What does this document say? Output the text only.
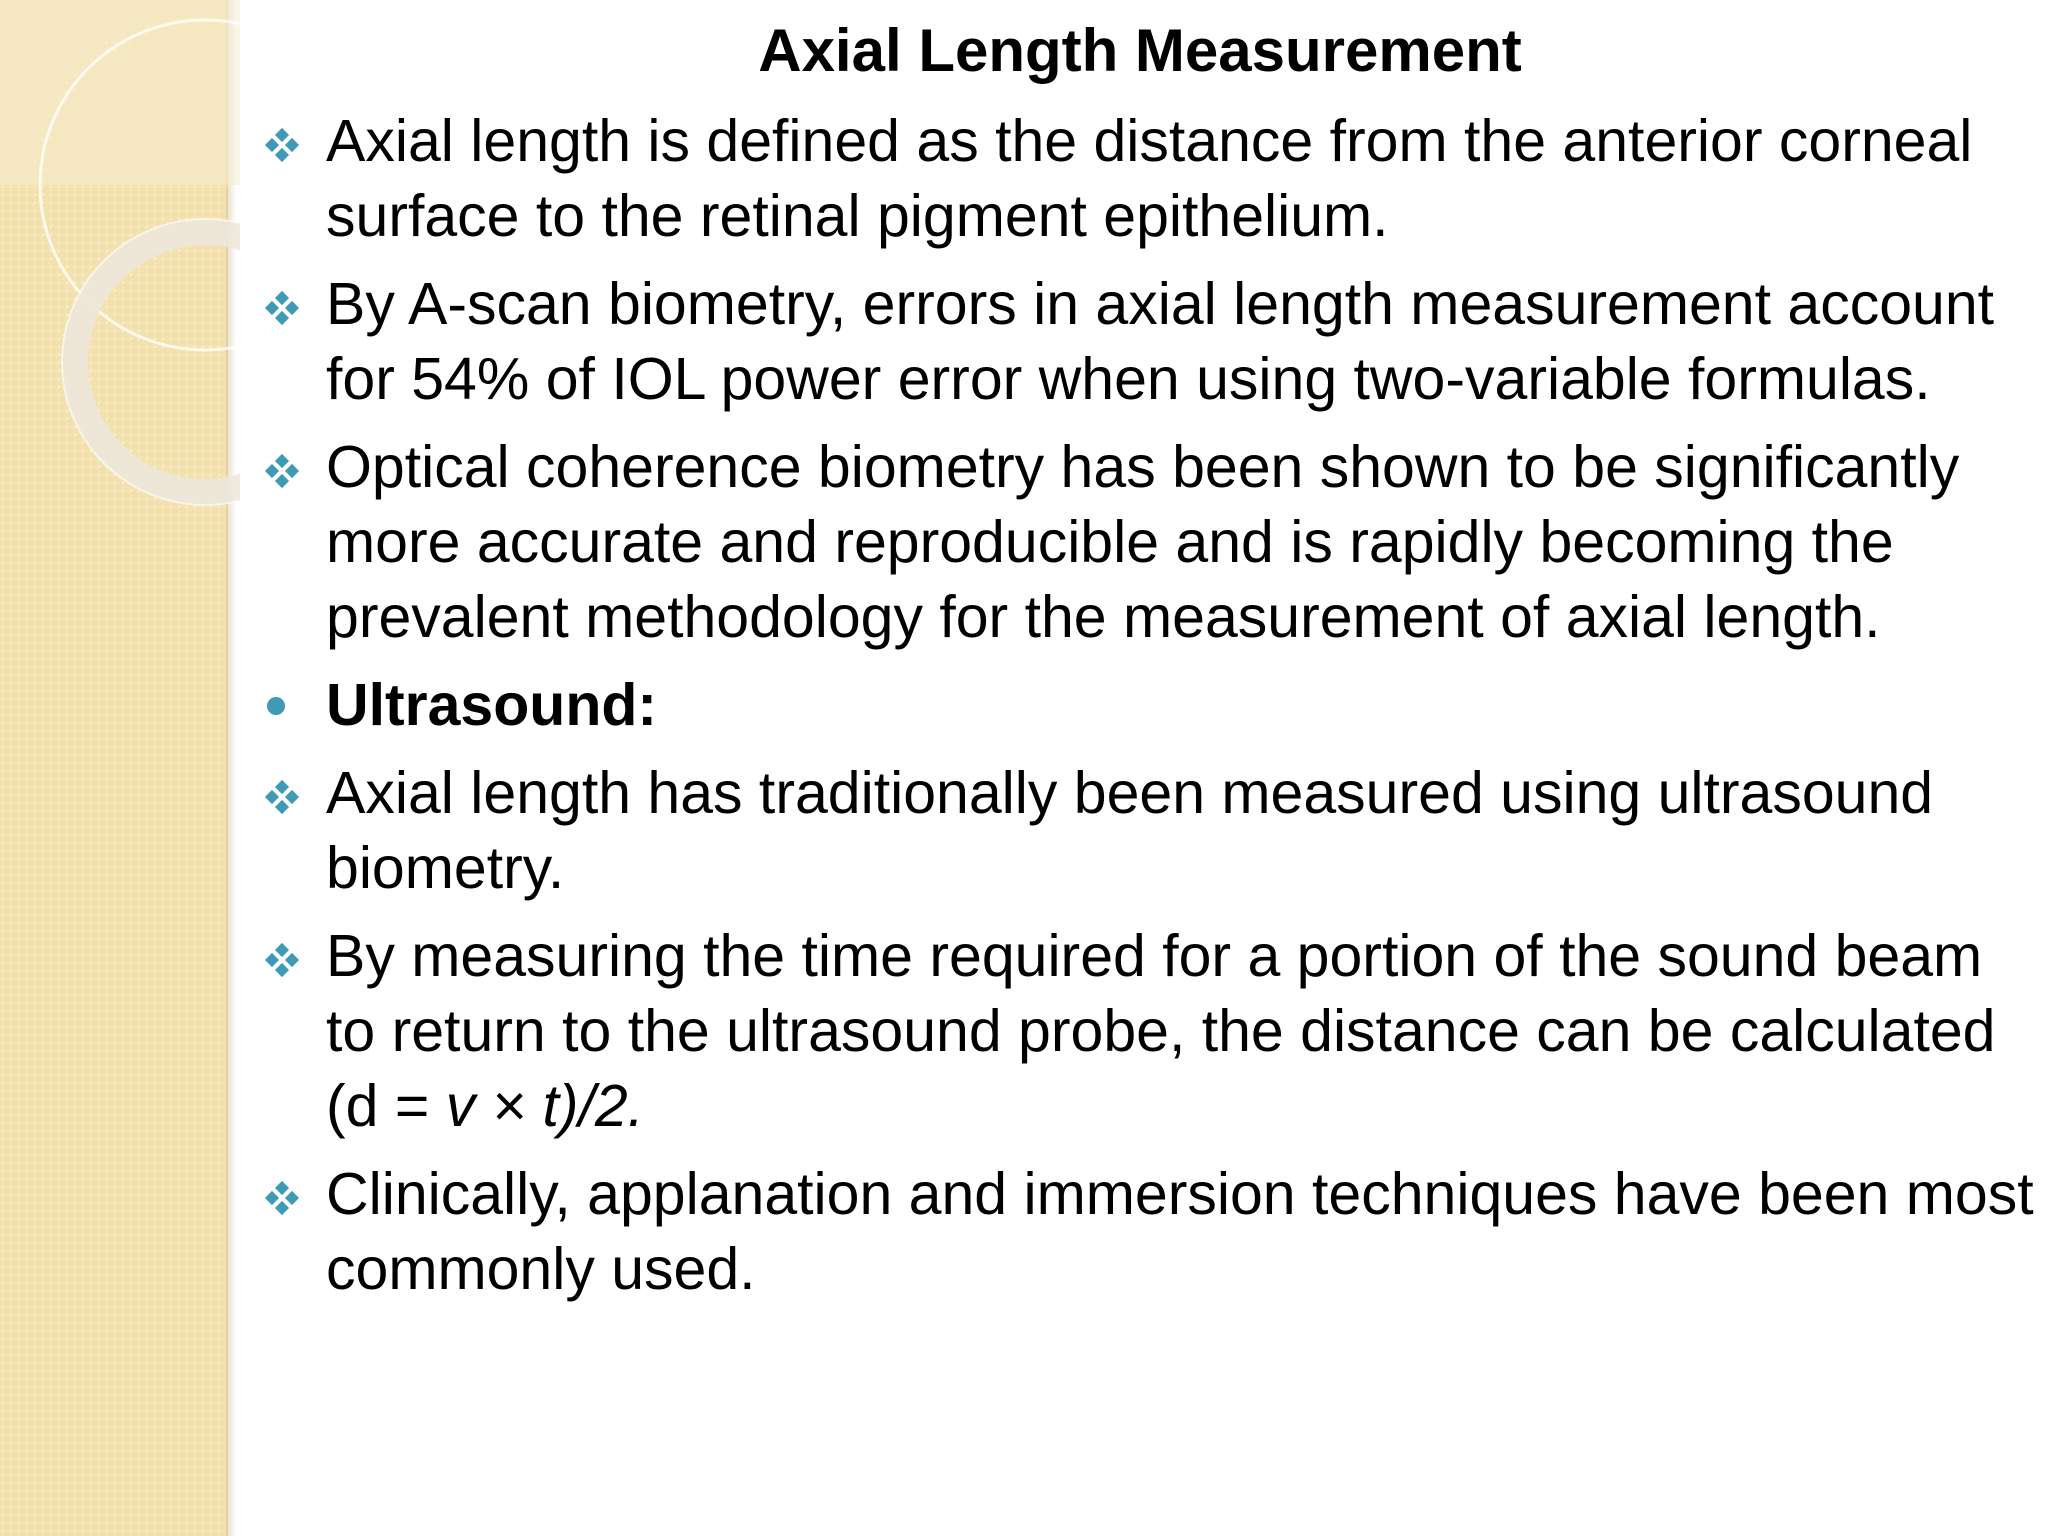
Axial Length Measurement
Axial length is defined as the distance from the anterior corneal surface to the retinal pigment epithelium.
By A-scan biometry, errors in axial length measurement account for 54% of IOL power error when using two-variable formulas.
Optical coherence biometry has been shown to be significantly more accurate and reproducible and is rapidly becoming the prevalent methodology for the measurement of axial length.
Ultrasound:
Axial length has traditionally been measured using ultrasound biometry.
By measuring the time required for a portion of the sound beam to return to the ultrasound probe, the distance can be calculated (d = v × t)/2.
Clinically, applanation and immersion techniques have been most commonly used.
